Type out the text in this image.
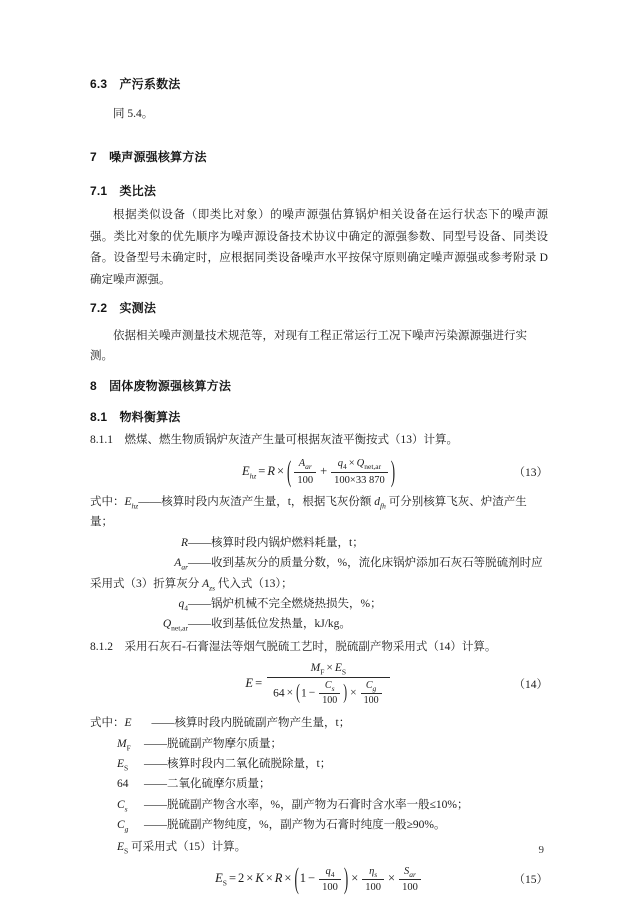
6.3　产污系数法

同 5.4。

7　噪声源强核算方法
7.1　类比法

根据类似设备（即类比对象）的噪声源强估算锅炉相关设备在运行状态下的噪声源强。类比对象的优先顺序为噪声源设备技术协议中确定的源强参数、同型号设备、同类设备。设备型号未确定时，应根据同类设备噪声水平按保守原则确定噪声源强或参考附录 D 确定噪声源强。

7.2　实测法

依据相关噪声测量技术规范等，对现有工程正常运行工况下噪声污染源源强进行实测。

8　固体废物源强核算方法
8.1　物料衡算法

8.1.1　燃煤、燃生物质锅炉灰渣产生量可根据灰渣平衡按式（13）计算。

$E_{hz} = R$ × ( $\frac{A_{ar}}{100} + \frac{q_4 \times Q_{net,ar}}{100\times 33 870}$ )	（13）

式中：$E_{hz}——$核算时段内灰渣产生量，t，根据飞灰份额 $d_{fh}$ 可分别核算飞灰、炉渣产生量；

R——核算时段内锅炉燃料耗量，t；

$A_{ar}——$收到基灰分的质量分数，%，流化床锅炉添加石灰石等脱硫剂时应采用式（3）折算灰分 $A_{zs}$ 代入式（13）；

$q_4——$锅炉机械不完全燃烧热损失，%；

$Q_{net,ar}——$收到基低位发热量，kJ/kg。

8.1.2　采用石灰石-石膏湿法等烟气脱硫工艺时，脱硫副产物采用式（14）计算。

$E = \frac{M_F \times E_S}{64 \times (1 - \frac{C_s}{100} ) \times \frac{C_g}{100}}$	（14）

式中：E ——核算时段内脱硫副产物产生量，t；

$M_F$ ——脱硫副产物摩尔质量；

$E_S$ ——核算时段内二氧化硫脱除量，t；

64 ——二氧化硫摩尔质量；

$C_s$ ——脱硫副产物含水率，%，副产物为石膏时含水率一般≤10%；

$C_g$ ——脱硫副产物纯度，%，副产物为石膏时纯度一般≥90%。

$E_S$ 可采用式（15）计算。

$E_S = 2 \times K \times R \times (1 - \frac{q_4}{100}$ ) × $\frac{\eta_s}{100} \times \frac{S_{ar}}{100}$	（15）
9
